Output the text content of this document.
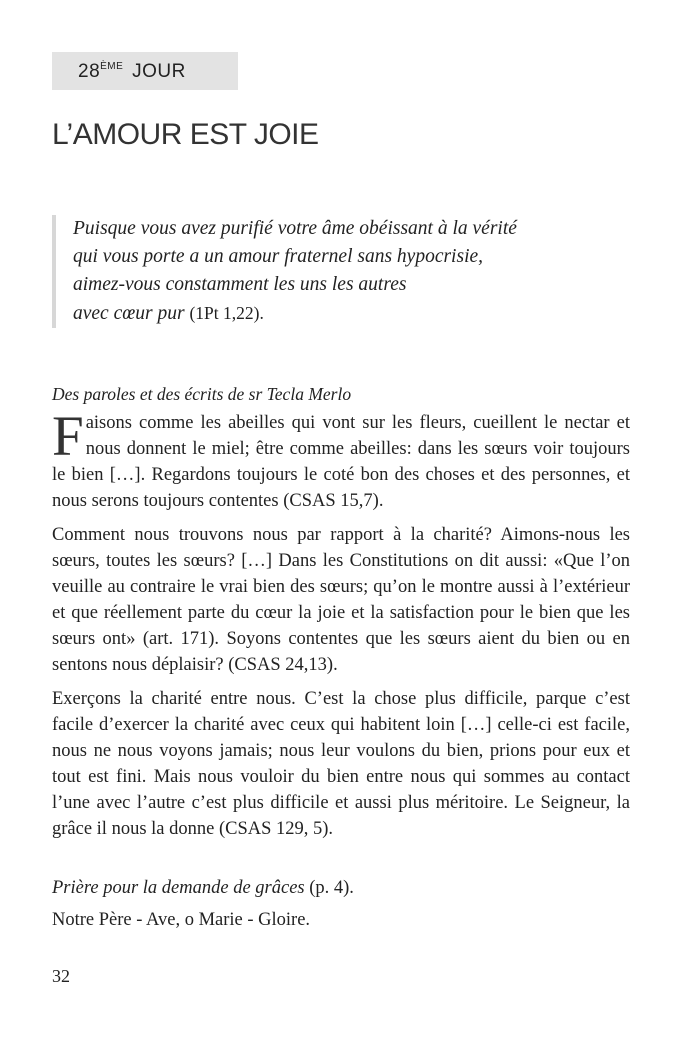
28ÈME JOUR
L’AMOUR EST JOIE
Puisque vous avez purifié votre âme obéissant à la vérité
qui vous porte a un amour fraternel sans hypocrisie,
aimez-vous constamment les uns les autres
avec cœur pur (1Pt 1,22).
Des paroles et des écrits de sr Tecla Merlo

Faisons comme les abeilles qui vont sur les fleurs, cueillent le nectar et nous donnent le miel; être comme abeilles: dans les sœurs voir toujours le bien […]. Regardons toujours le coté bon des choses et des personnes, et nous serons toujours contentes (CSAS 15,7).

Comment nous trouvons nous par rapport à la charité? Aimons-nous les sœurs, toutes les sœurs? […] Dans les Constitutions on dit aussi: «Que l’on veuille au contraire le vrai bien des sœurs; qu’on le montre aussi à l’extérieur et que réellement parte du cœur la joie et la satisfaction pour le bien que les sœurs ont» (art. 171). Soyons contentes que les sœurs aient du bien ou en sentons nous déplaisir? (CSAS 24,13).

Exerçons la charité entre nous. C’est la chose plus difficile, parque c’est facile d’exercer la charité avec ceux qui habitent loin […] celle-ci est facile, nous ne nous voyons jamais; nous leur voulons du bien, prions pour eux et tout est fini. Mais nous vouloir du bien entre nous qui sommes au contact l’une avec l’autre c’est plus difficile et aussi plus méritoire. Le Seigneur, la grâce il nous la donne (CSAS 129, 5).

Prière pour la demande de grâces (p. 4).
Notre Père - Ave, o Marie - Gloire.
32
